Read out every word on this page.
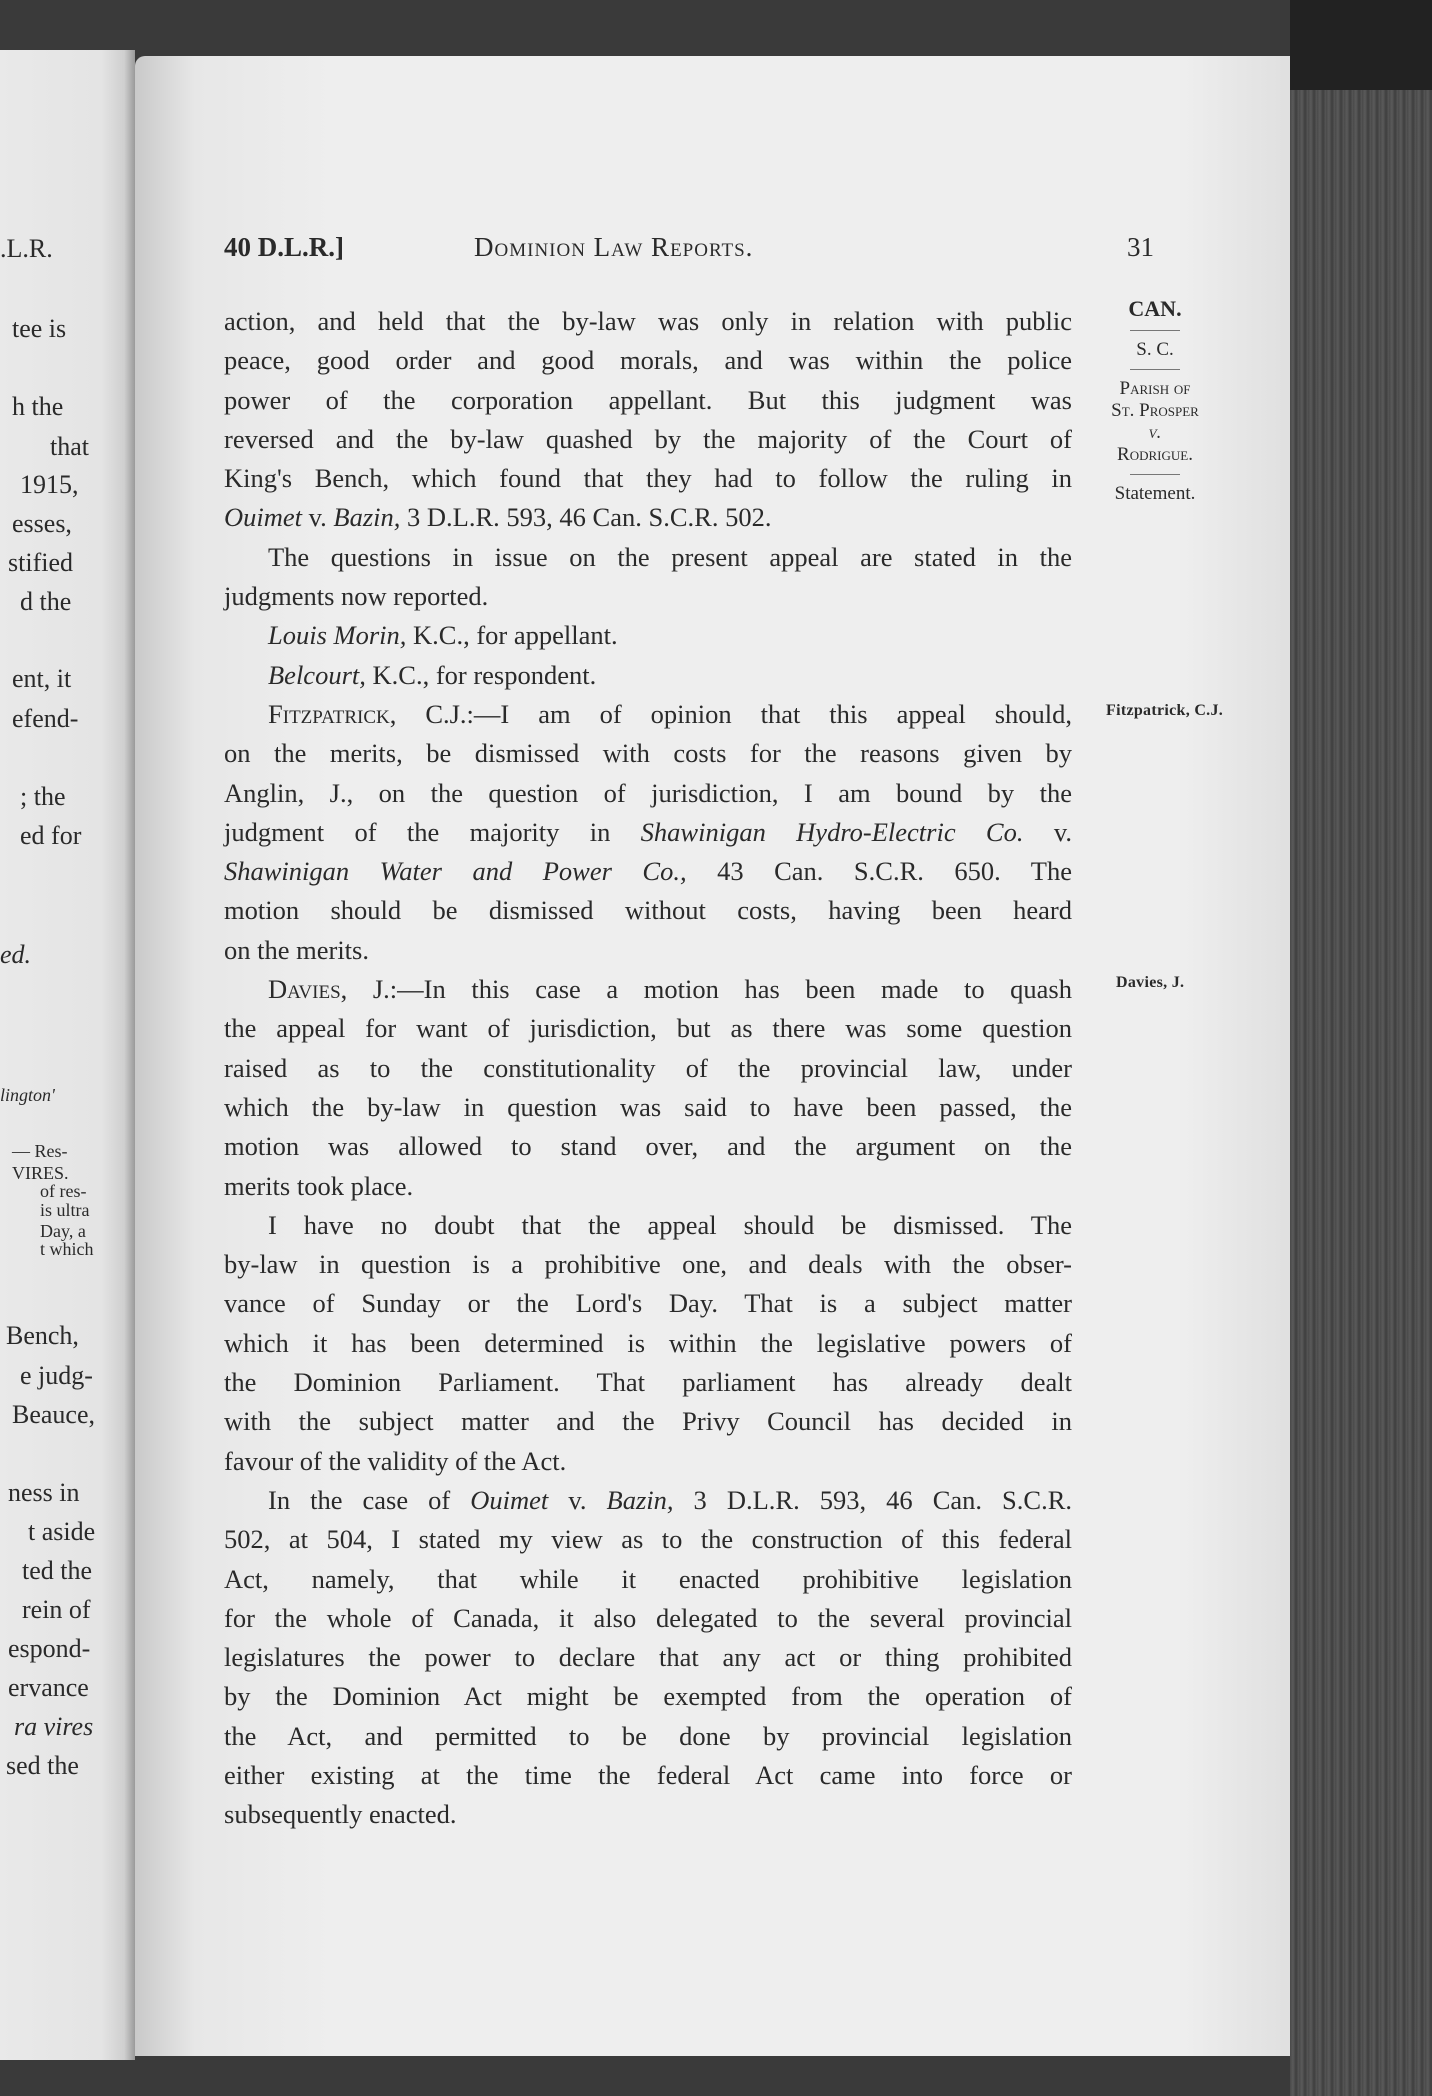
.L.R.
tee is
h the
that
1915,
esses,
stified
d the
ent, it
efend-
; the
ed for
ed.
lington'
— Res-
VIRES.
of res-
is ultra
Day, a
t which
Bench,
e judg-
Beauce,
ness in
t aside
ted the
rein of
espond-
ervance
ra vires
sed the
40 D.L.R.]	Dominion Law Reports.	31
CAN.
S. C.
Parish of
St. Prosper
v.
Rodrigue.
Statement.
Fitzpatrick, C.J.
Davies, J.

action, and held that the by-law was only in relation with public

peace, good order and good morals, and was within the police

power of the corporation appellant. But this judgment was

reversed and the by-law quashed by the majority of the Court of

King's Bench, which found that they had to follow the ruling in

Ouimet v. Bazin, 3 D.L.R. 593, 46 Can. S.C.R. 502.

The questions in issue on the present appeal are stated in the

judgments now reported.

Louis Morin, K.C., for appellant.

Belcourt, K.C., for respondent.

Fitzpatrick, C.J.:—I am of opinion that this appeal should,

on the merits, be dismissed with costs for the reasons given by

Anglin, J., on the question of jurisdiction, I am bound by the

judgment of the majority in Shawinigan Hydro-Electric Co. v.

Shawinigan Water and Power Co., 43 Can. S.C.R. 650. The

motion should be dismissed without costs, having been heard

on the merits.

Davies, J.:—In this case a motion has been made to quash

the appeal for want of jurisdiction, but as there was some question

raised as to the constitutionality of the provincial law, under

which the by-law in question was said to have been passed, the

motion was allowed to stand over, and the argument on the

merits took place.

I have no doubt that the appeal should be dismissed. The

by-law in question is a prohibitive one, and deals with the obser-

vance of Sunday or the Lord's Day. That is a subject matter

which it has been determined is within the legislative powers of

the Dominion Parliament. That parliament has already dealt

with the subject matter and the Privy Council has decided in

favour of the validity of the Act.

In the case of Ouimet v. Bazin, 3 D.L.R. 593, 46 Can. S.C.R.

502, at 504, I stated my view as to the construction of this federal

Act, namely, that while it enacted prohibitive legislation

for the whole of Canada, it also delegated to the several provincial

legislatures the power to declare that any act or thing prohibited

by the Dominion Act might be exempted from the operation of

the Act, and permitted to be done by provincial legislation

either existing at the time the federal Act came into force or

subsequently enacted.
